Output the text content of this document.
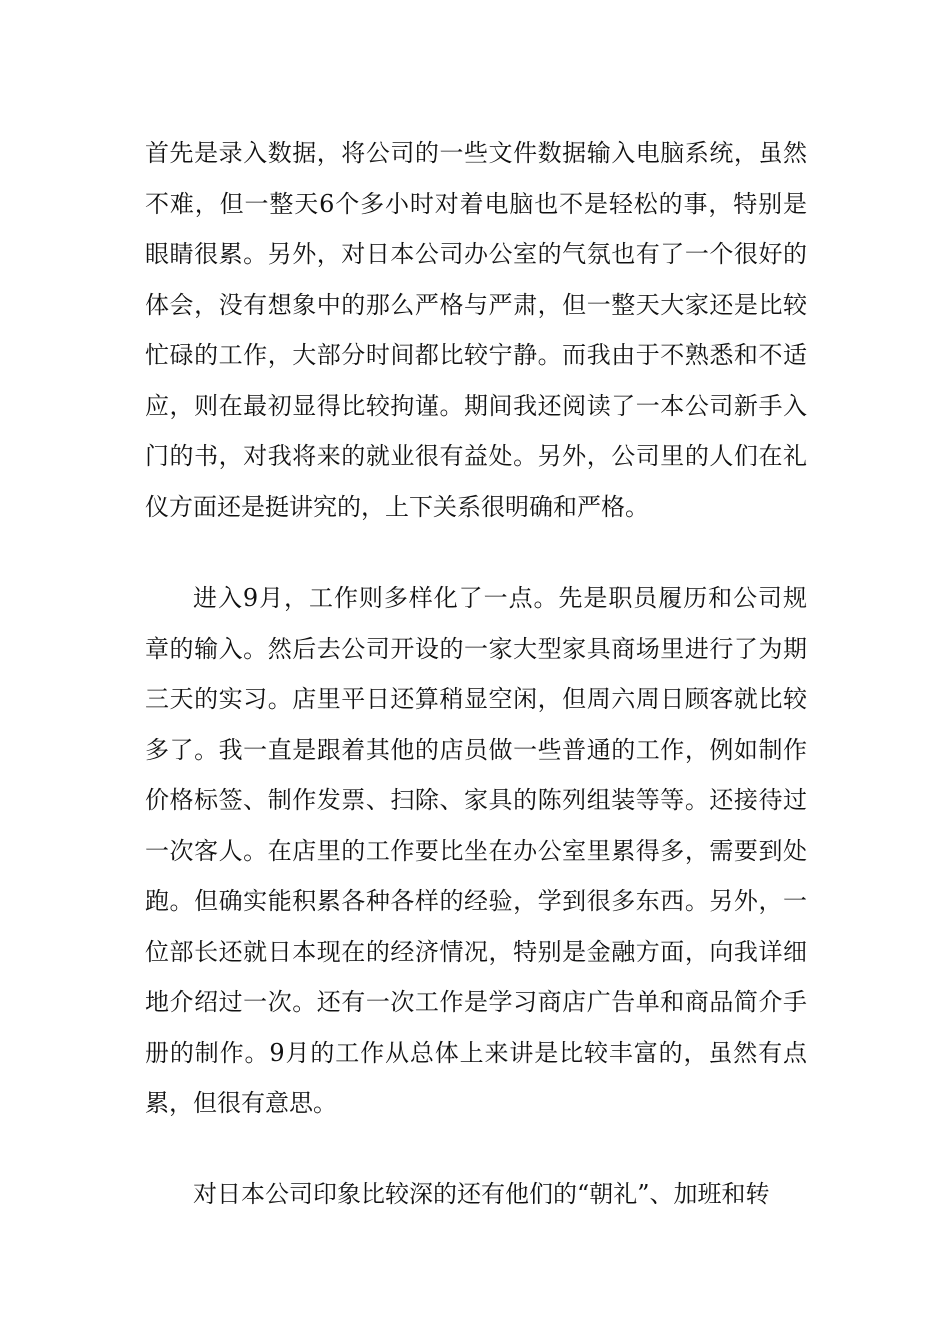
首先是录入数据，将公司的一些文件数据输入电脑系统，虽然不难，但一整天6个多小时对着电脑也不是轻松的事，特别是眼睛很累。另外，对日本公司办公室的气氛也有了一个很好的体会，没有想象中的那么严格与严肃，但一整天大家还是比较忙碌的工作，大部分时间都比较宁静。而我由于不熟悉和不适应，则在最初显得比较拘谨。期间我还阅读了一本公司新手入门的书，对我将来的就业很有益处。另外，公司里的人们在礼仪方面还是挺讲究的，上下关系很明确和严格。

进入9月，工作则多样化了一点。先是职员履历和公司规章的输入。然后去公司开设的一家大型家具商场里进行了为期三天的实习。店里平日还算稍显空闲，但周六周日顾客就比较多了。我一直是跟着其他的店员做一些普通的工作，例如制作价格标签、制作发票、扫除、家具的陈列组装等等。还接待过一次客人。在店里的工作要比坐在办公室里累得多，需要到处跑。但确实能积累各种各样的经验，学到很多东西。另外，一位部长还就日本现在的经济情况，特别是金融方面，向我详细地介绍过一次。还有一次工作是学习商店广告单和商品简介手册的制作。9月的工作从总体上来讲是比较丰富的，虽然有点累，但很有意思。

对日本公司印象比较深的还有他们的“朝礼”、加班和转
